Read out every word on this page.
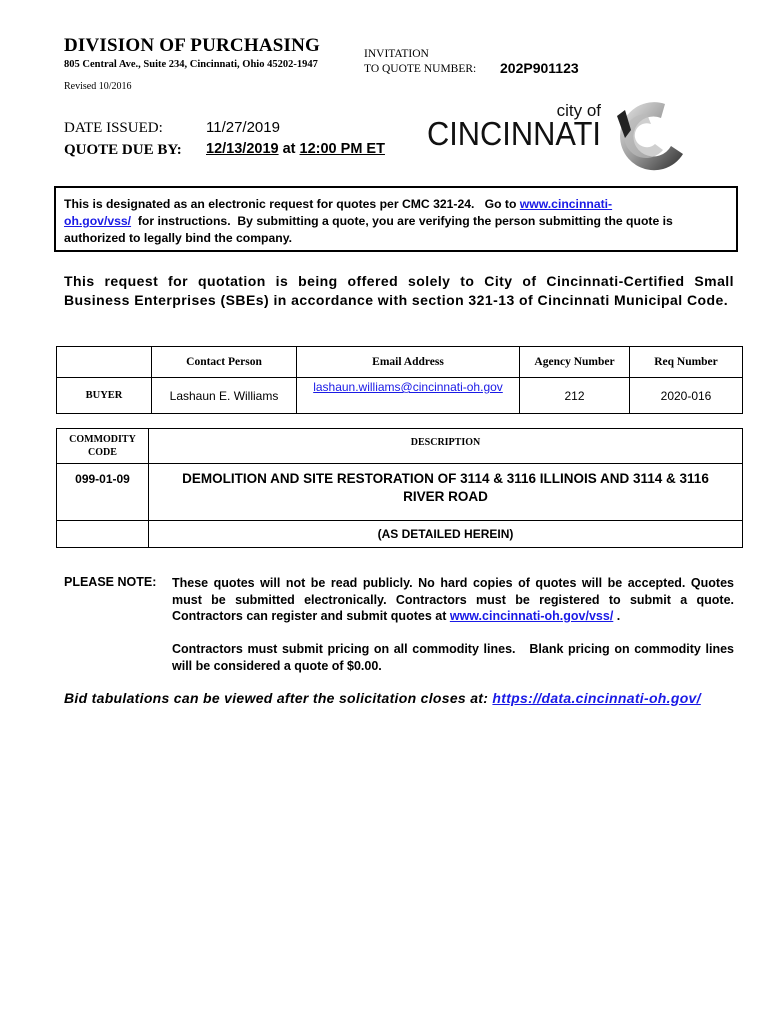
DIVISION OF PURCHASING
805 Central Ave., Suite 234, Cincinnati, Ohio 45202-1947
Revised 10/2016
INVITATION
TO QUOTE NUMBER: 202P901123
DATE ISSUED:	11/27/2019
QUOTE DUE BY: 12/13/2019 at 12:00 PM ET
city of
CINCINNATI
This is designated as an electronic request for quotes per CMC 321-24.   Go to www.cincinnati-
oh.gov/vss/  for instructions.  By submitting a quote, you are verifying the person submitting the quote is authorized to legally bind the company.
This request for quotation is being offered solely to City of Cincinnati-Certified Small Business Enterprises (SBEs) in accordance with section 321-13 of Cincinnati Municipal Code.
	Contact Person	Email Address	Agency Number	Req Number
BUYER	Lashaun E. Williams	lashaun.williams@cincinnati-oh.gov	212	2020-016
COMMODITY
CODE	DESCRIPTION
099-01-09	DEMOLITION AND SITE RESTORATION OF 3114 & 3116 ILLINOIS AND 3114 & 3116 RIVER ROAD
	(AS DETAILED HEREIN)
PLEASE NOTE: These quotes will not be read publicly. No hard copies of quotes will be accepted. Quotes must be submitted electronically. Contractors must be registered to submit a quote. Contractors can register and submit quotes at www.cincinnati-oh.gov/vss/ .
Contractors must submit pricing on all commodity lines.   Blank pricing on commodity lines will be considered a quote of $0.00.
Bid tabulations can be viewed after the solicitation closes at: https://data.cincinnati-oh.gov/
